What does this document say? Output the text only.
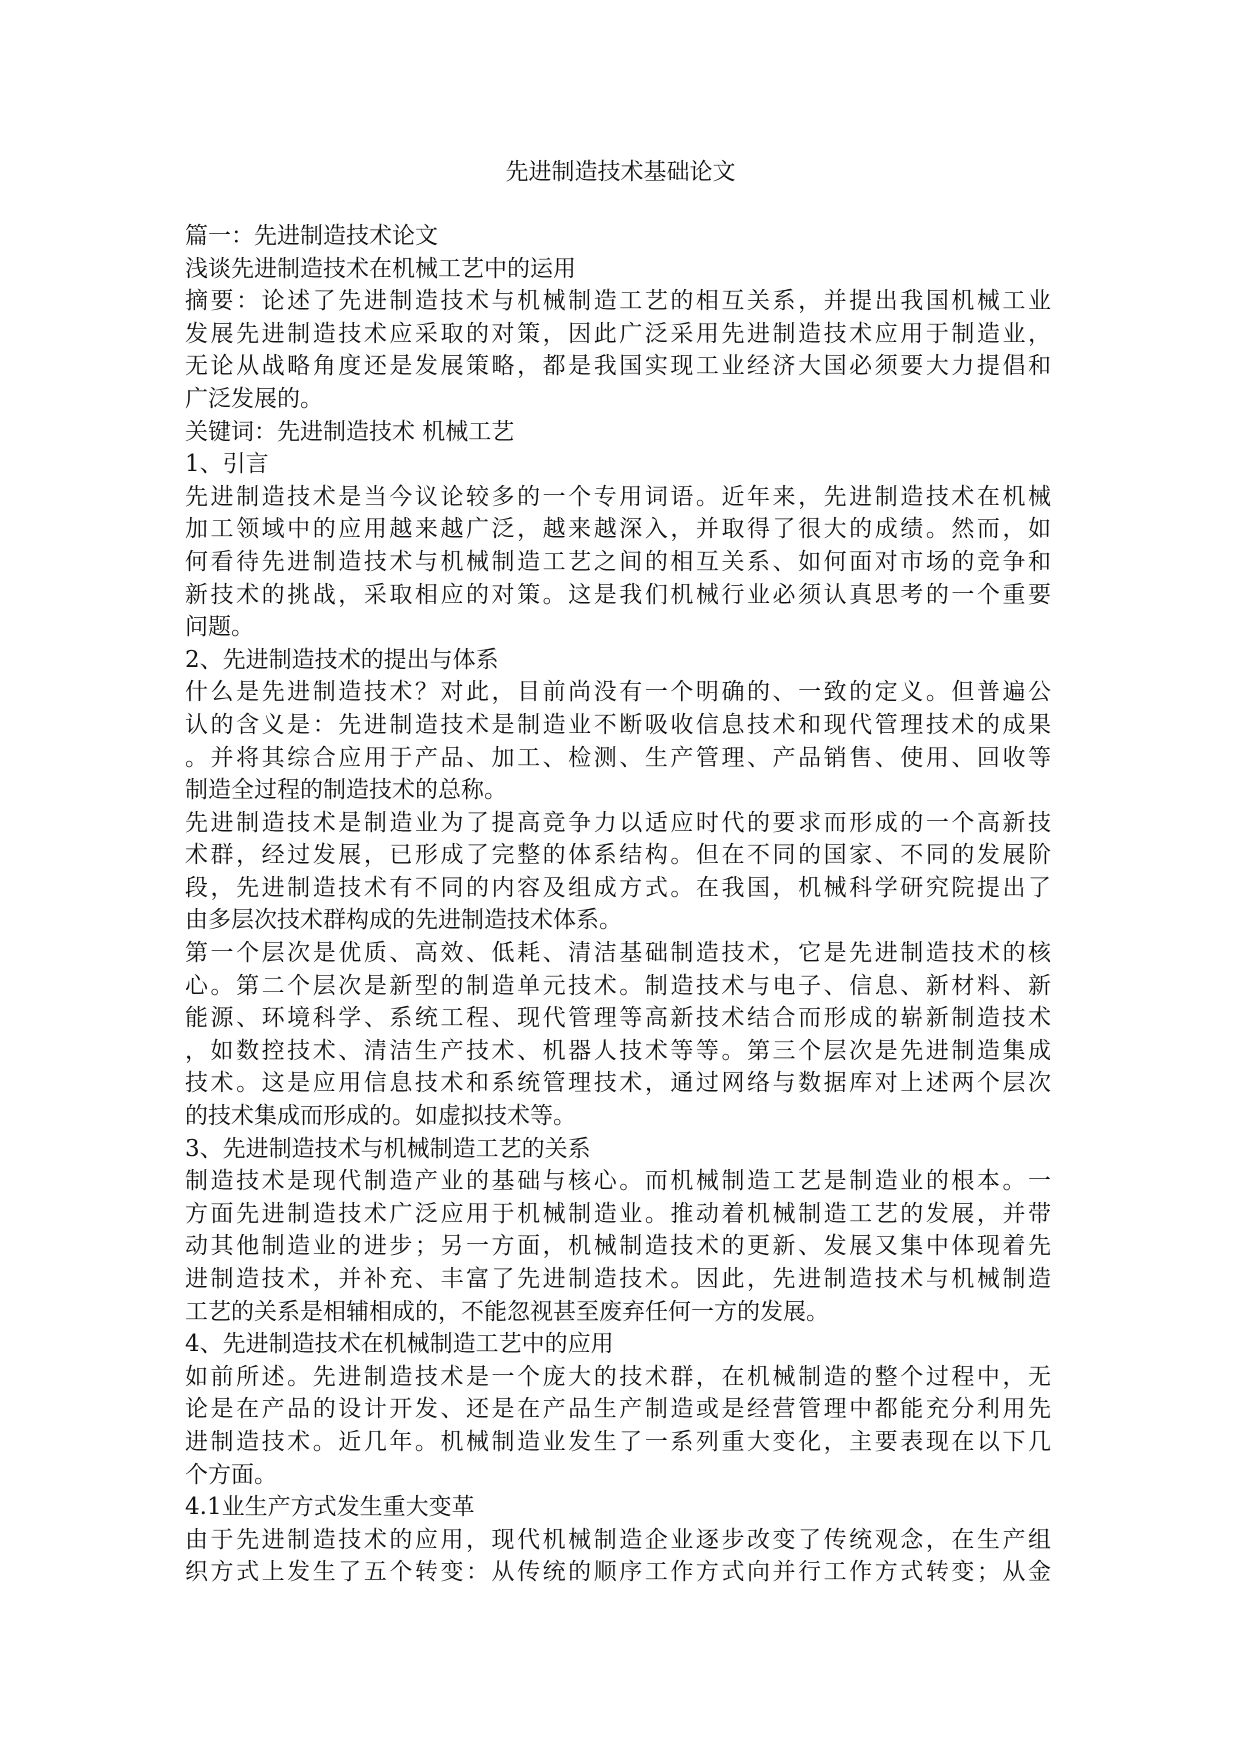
先进制造技术基础论文
篇一：先进制造技术论文
浅谈先进制造技术在机械工艺中的运用
摘要：论述了先进制造技术与机械制造工艺的相互关系，并提出我国机械工业
发展先进制造技术应采取的对策，因此广泛采用先进制造技术应用于制造业，
无论从战略角度还是发展策略，都是我国实现工业经济大国必须要大力提倡和
广泛发展的。
关键词：先进制造技术 机械工艺
1、引言
先进制造技术是当今议论较多的一个专用词语。近年来，先进制造技术在机械
加工领域中的应用越来越广泛，越来越深入，并取得了很大的成绩。然而，如
何看待先进制造技术与机械制造工艺之间的相互关系、如何面对市场的竞争和
新技术的挑战，采取相应的对策。这是我们机械行业必须认真思考的一个重要
问题。
2、先进制造技术的提出与体系
什么是先进制造技术？对此，目前尚没有一个明确的、一致的定义。但普遍公
认的含义是：先进制造技术是制造业不断吸收信息技术和现代管理技术的成果
。并将其综合应用于产品、加工、检测、生产管理、产品销售、使用、回收等
制造全过程的制造技术的总称。
先进制造技术是制造业为了提高竞争力以适应时代的要求而形成的一个高新技
术群，经过发展，已形成了完整的体系结构。但在不同的国家、不同的发展阶
段，先进制造技术有不同的内容及组成方式。在我国，机械科学研究院提出了
由多层次技术群构成的先进制造技术体系。
第一个层次是优质、高效、低耗、清洁基础制造技术，它是先进制造技术的核
心。第二个层次是新型的制造单元技术。制造技术与电子、信息、新材料、新
能源、环境科学、系统工程、现代管理等高新技术结合而形成的崭新制造技术
，如数控技术、清洁生产技术、机器人技术等等。第三个层次是先进制造集成
技术。这是应用信息技术和系统管理技术，通过网络与数据库对上述两个层次
的技术集成而形成的。如虚拟技术等。
3、先进制造技术与机械制造工艺的关系
制造技术是现代制造产业的基础与核心。而机械制造工艺是制造业的根本。一
方面先进制造技术广泛应用于机械制造业。推动着机械制造工艺的发展，并带
动其他制造业的进步；另一方面，机械制造技术的更新、发展又集中体现着先
进制造技术，并补充、丰富了先进制造技术。因此，先进制造技术与机械制造
工艺的关系是相辅相成的，不能忽视甚至废弃任何一方的发展。
4、先进制造技术在机械制造工艺中的应用
如前所述。先进制造技术是一个庞大的技术群，在机械制造的整个过程中，无
论是在产品的设计开发、还是在产品生产制造或是经营管理中都能充分利用先
进制造技术。近几年。机械制造业发生了一系列重大变化，主要表现在以下几
个方面。
4.1业生产方式发生重大变革
由于先进制造技术的应用，现代机械制造企业逐步改变了传统观念，在生产组
织方式上发生了五个转变：从传统的顺序工作方式向并行工作方式转变；从金
